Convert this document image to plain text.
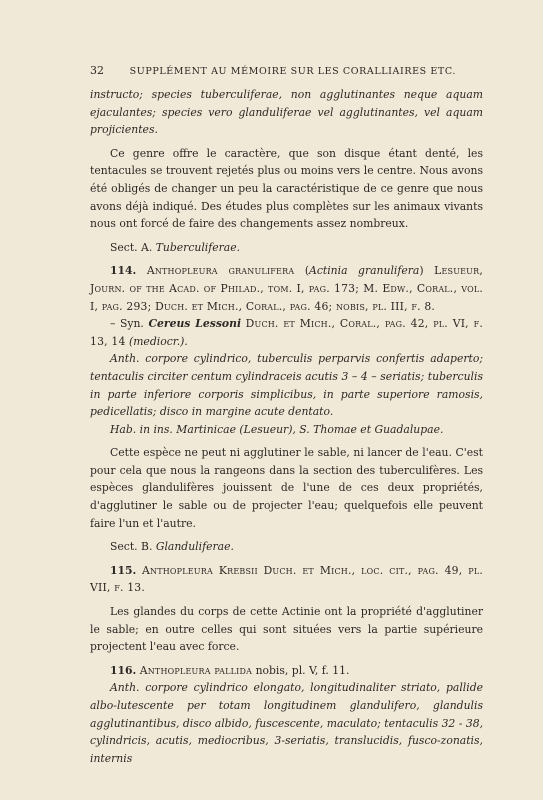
32	SUPPLÉMENT AU MÉMOIRE SUR LES CORALLIAIRES ETC.

instructo; species tuberculiferae, non agglutinantes neque aquam ejaculantes; species vero glanduliferae vel agglutinantes, vel aquam projicientes.

Ce genre offre le caractère, que son disque étant denté, les tentacules se trouvent rejetés plus ou moins vers le centre. Nous avons été obligés de changer un peu la caractéristique de ce genre que nous avons déjà indiqué. Des études plus complètes sur les animaux vivants nous ont forcé de faire des changements assez nombreux.

Sect. A. Tuberculiferae.

114. Anthopleura granulifera (Actinia granulifera) Lesueur, Journ. of the Acad. of Philad., tom. I, pag. 173; M. Edw., Coral., vol. I, pag. 293; Duch. et Mich., Coral., pag. 46; nobis, pl. III, f. 8.

– Syn. Cereus Lessoni Duch. et Mich., Coral., pag. 42, pl. VI, f. 13, 14 (mediocr.).

Anth. corpore cylindrico, tuberculis perparvis confertis adaperto; tentaculis circiter centum cylindraceis acutis 3 – 4 – seriatis; tuberculis in parte inferiore corporis simplicibus, in parte superiore ramosis, pedicellatis; disco in margine acute dentato.

Hab. in ins. Martinicae (Lesueur), S. Thomae et Guadalupae.

Cette espèce ne peut ni agglutiner le sable, ni lancer de l'eau. C'est pour cela que nous la rangeons dans la section des tuberculifères. Les espèces glandulifères jouissent de l'une de ces deux propriétés, d'agglutiner le sable ou de projecter l'eau; quelquefois elle peuvent faire l'un et l'autre.

Sect. B. Glanduliferae.

115. Anthopleura Krebsii Duch. et Mich., loc. cit., pag. 49, pl. VII, f. 13.

Les glandes du corps de cette Actinie ont la propriété d'agglutiner le sable; en outre celles qui sont situées vers la partie supérieure projectent l'eau avec force.

116. Anthopleura pallida nobis, pl. V, f. 11.

Anth. corpore cylindrico elongato, longitudinaliter striato, pallide albo-lutescente per totam longitudinem glandulifero, glandulis agglutinantibus, disco albido, fuscescente, maculato; tentaculis 32 - 38, cylindricis, acutis, mediocribus, 3-seriatis, translucidis, fusco-zonatis, internis
